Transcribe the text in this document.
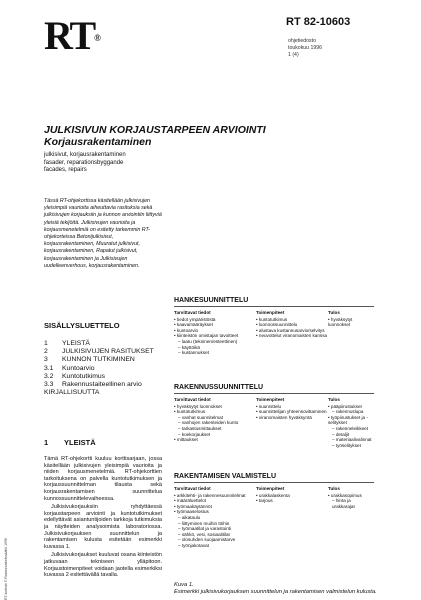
RT®
RT 82-10603
ohjetiedosto
toukokuu 1996
1 (4)
JULKISIVUN KORJAUSTARPEEN ARVIOINTI
Korjausrakentaminen
julkisivut, korjausrakentaminen
fasader, reparationsbyggande
facades, repairs
Tässä RT-ohjekortissa käsitellään julkisivujen yleisimpiä vaurioita aiheuttavia rasituksia sekä julkisivujen korjauksiin ja kunnon arviointiin liittyviä yleisiä tekijöitä. Julkisivujen vaurioita ja korjausmenetelmiä on esitetty tarkemmin RT-ohjekorteissa Betonijulkisivut, korjausrakentaminen, Muuratut julkisivut, korjausrakentaminen, Rapatut julkisivut, korjausrakentaminen ja Julkisivujen uudelleenverhous, korjausrakentaminen.
SISÄLLYSLUETTELO
1 YLEISTÄ
2 JULKISIVUJEN RASITUKSET
3 KUNNON TUTKIMINEN
3.1 Kuntoarvio
3.2 Kuntotutkimus
3.3 Rakennustaiteellinen arvio
KIRJALLISUUTTA
1 YLEISTÄ

Tämä RT-ohjekortti kuuluu korttisarjaan, jossa käsitellään julkisivujen yleisimpiä vaurioita ja niiden korjausmenetelmiä. RT-ohjekorttien tarkoituksena on palvella kuntotutkimuksen ja korjaussuunnittelman tilausta sekä korjausrakentamisen suunnittelua kunnossuunnittelevaiheessa.

Julkisivukorjauksiin ryhdyttäessä korjaustarpeen arviointi ja kuntotutkimukset edellyttävät asiantuntijoiden tarkkoja tutkimuksia ja näytteiden analysoimista laboratoriossa. Julkisivukorjauksen suunnittelun ja rakentamisen kulusta esitetään esimerkki kuvassa 1.

Julkisivukorjaukset kuuluvat osana kiinteistön jatkuvaan tekniseen ylläpitoon. Korjaustoimenpiteet voidaan jaotella esimerkiksi kuvassa 2 esitettävällä tavalla.

HANKESUUNNITTELU
Tarvittavat tiedot
• tiedot ympäristöstä
• kaavamääräykset
• kuntoarvio
• kiinteistön omistajan tavoitteet
– laatu (tekninen/esteettinen)
– käyttöikä
– kustannukset
Toimenpiteet
• kuntotutkimus
• luonnossuunnittelu
• alustava kustannusarvio/selvitys
• neuvottelut viranomaisten kanssa
Tulos
• hyväksytyt luonnokset
RAKENNUSSUUNNITTELU
Tarvittavat tiedot
• hyväksytyt luonnokset
• kuntotutkimus
– vanhat suunnitelmat
– vanhojen rakenteiden kunto
– tarkastusmittaukset
– koekorjaukset
• mittaukset
Toimenpiteet
• suunnittelu
• suunnittelijan yhteensovittaminen
• viranomaisten hyväksyntä
Tulos
• pääpiirustukset
– rakennuslupa
• työpiirustukset ja -selitykset
– rakenneleikkeet
– detaljit
– materiaalivalinnat
– työselitykset
RAKENTAMISEN VALMISTELU
Tarvittavat tiedot
• arkkitehti- ja rakennesuunnitelmat
• määräluettelot
• työmaakäytännöt
• työmaaselostus
– aikataulu
– liittyminen muihin töihin
– työmaatilat ja varastointi
– sähkö, vesi, sosiaalitilat
– olosuhden suojaamistarve
– työnjakotavat
Toimenpiteet
• urakkalaskenta
• tarjous
Tulos
• urakkasopimus
– hinta ja urakkarajat
Kuva 1.
Esimerkki julkisivukorjauksen suunnittelun ja rakentamisen valmistelun kulusta.
RT-kortisto © Rakennustietosäätiö 1996
